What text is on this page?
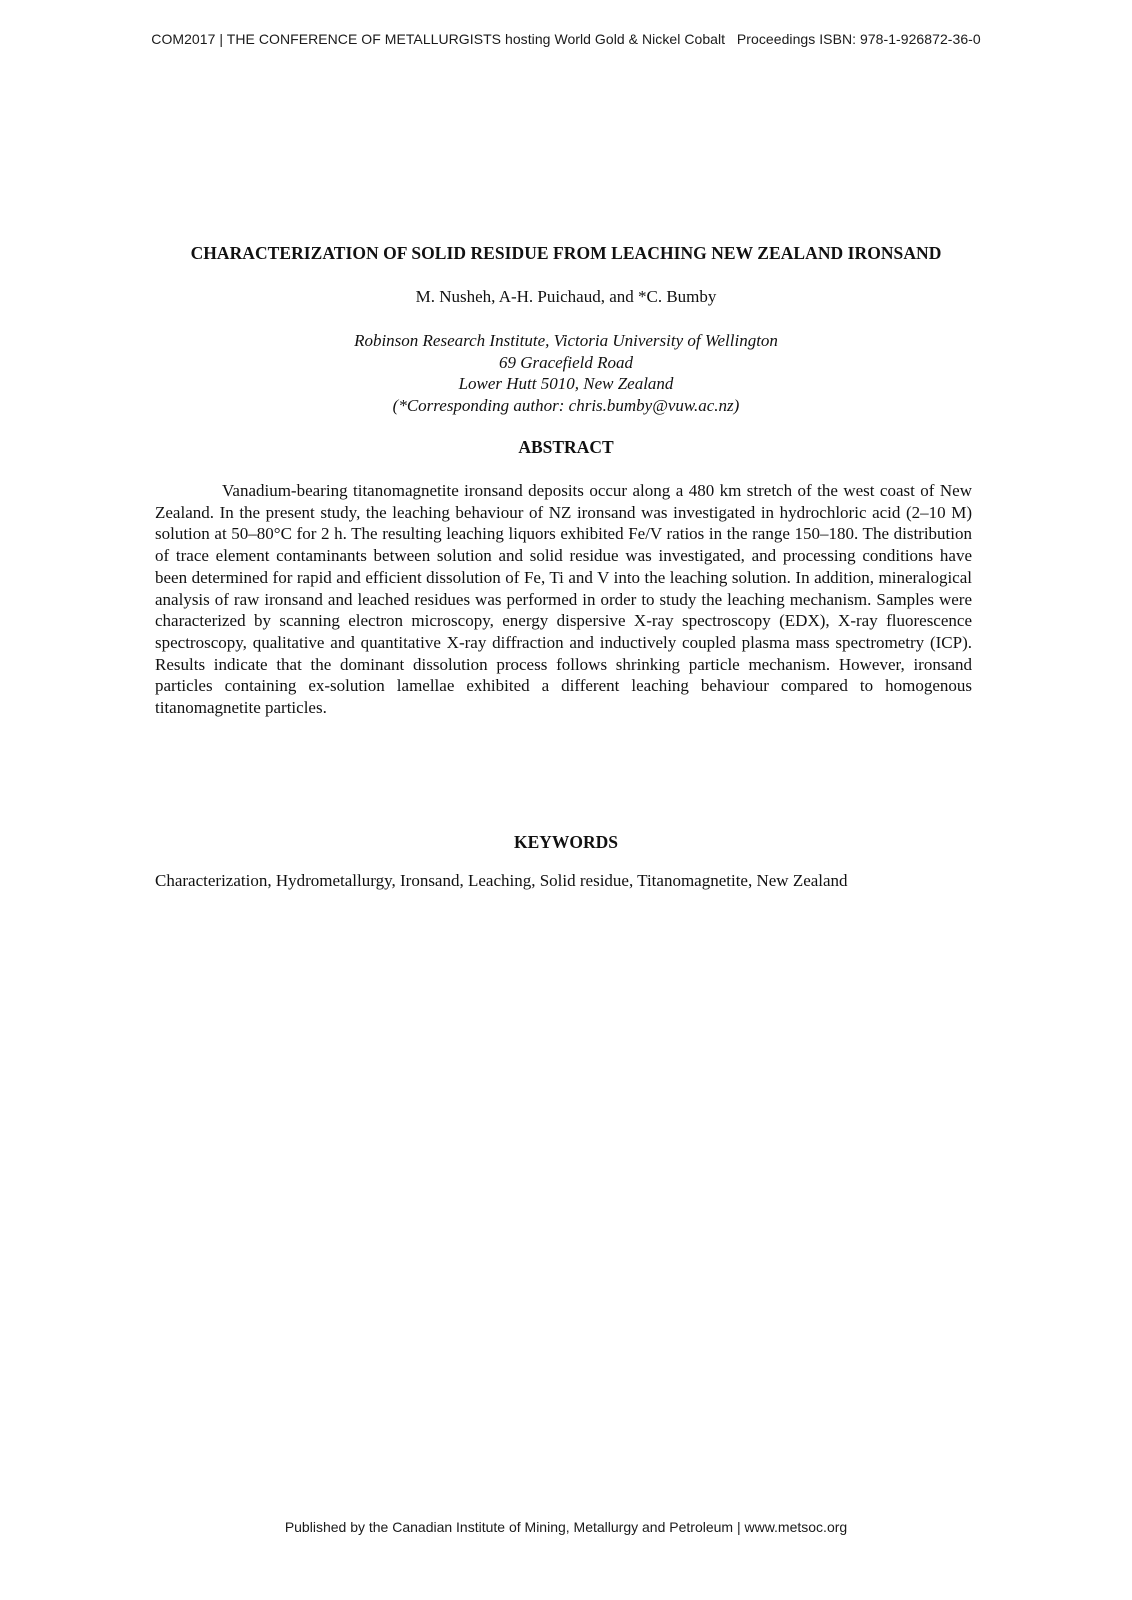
COM2017 | THE CONFERENCE OF METALLURGISTS hosting World Gold & Nickel Cobalt   Proceedings ISBN: 978-1-926872-36-0
CHARACTERIZATION OF SOLID RESIDUE FROM LEACHING NEW ZEALAND IRONSAND
M. Nusheh, A-H. Puichaud, and *C. Bumby
Robinson Research Institute, Victoria University of Wellington
69 Gracefield Road
Lower Hutt 5010, New Zealand
(*Corresponding author: chris.bumby@vuw.ac.nz)
ABSTRACT

Vanadium-bearing titanomagnetite ironsand deposits occur along a 480 km stretch of the west coast of New Zealand. In the present study, the leaching behaviour of NZ ironsand was investigated in hydrochloric acid (2–10 M) solution at 50–80°C for 2 h. The resulting leaching liquors exhibited Fe/V ratios in the range 150–180. The distribution of trace element contaminants between solution and solid residue was investigated, and processing conditions have been determined for rapid and efficient dissolution of Fe, Ti and V into the leaching solution. In addition, mineralogical analysis of raw ironsand and leached residues was performed in order to study the leaching mechanism. Samples were characterized by scanning electron microscopy, energy dispersive X-ray spectroscopy (EDX), X-ray fluorescence spectroscopy, qualitative and quantitative X-ray diffraction and inductively coupled plasma mass spectrometry (ICP). Results indicate that the dominant dissolution process follows shrinking particle mechanism. However, ironsand particles containing ex-solution lamellae exhibited a different leaching behaviour compared to homogenous titanomagnetite particles.

KEYWORDS
Characterization, Hydrometallurgy, Ironsand, Leaching, Solid residue, Titanomagnetite, New Zealand
Published by the Canadian Institute of Mining, Metallurgy and Petroleum | www.metsoc.org
